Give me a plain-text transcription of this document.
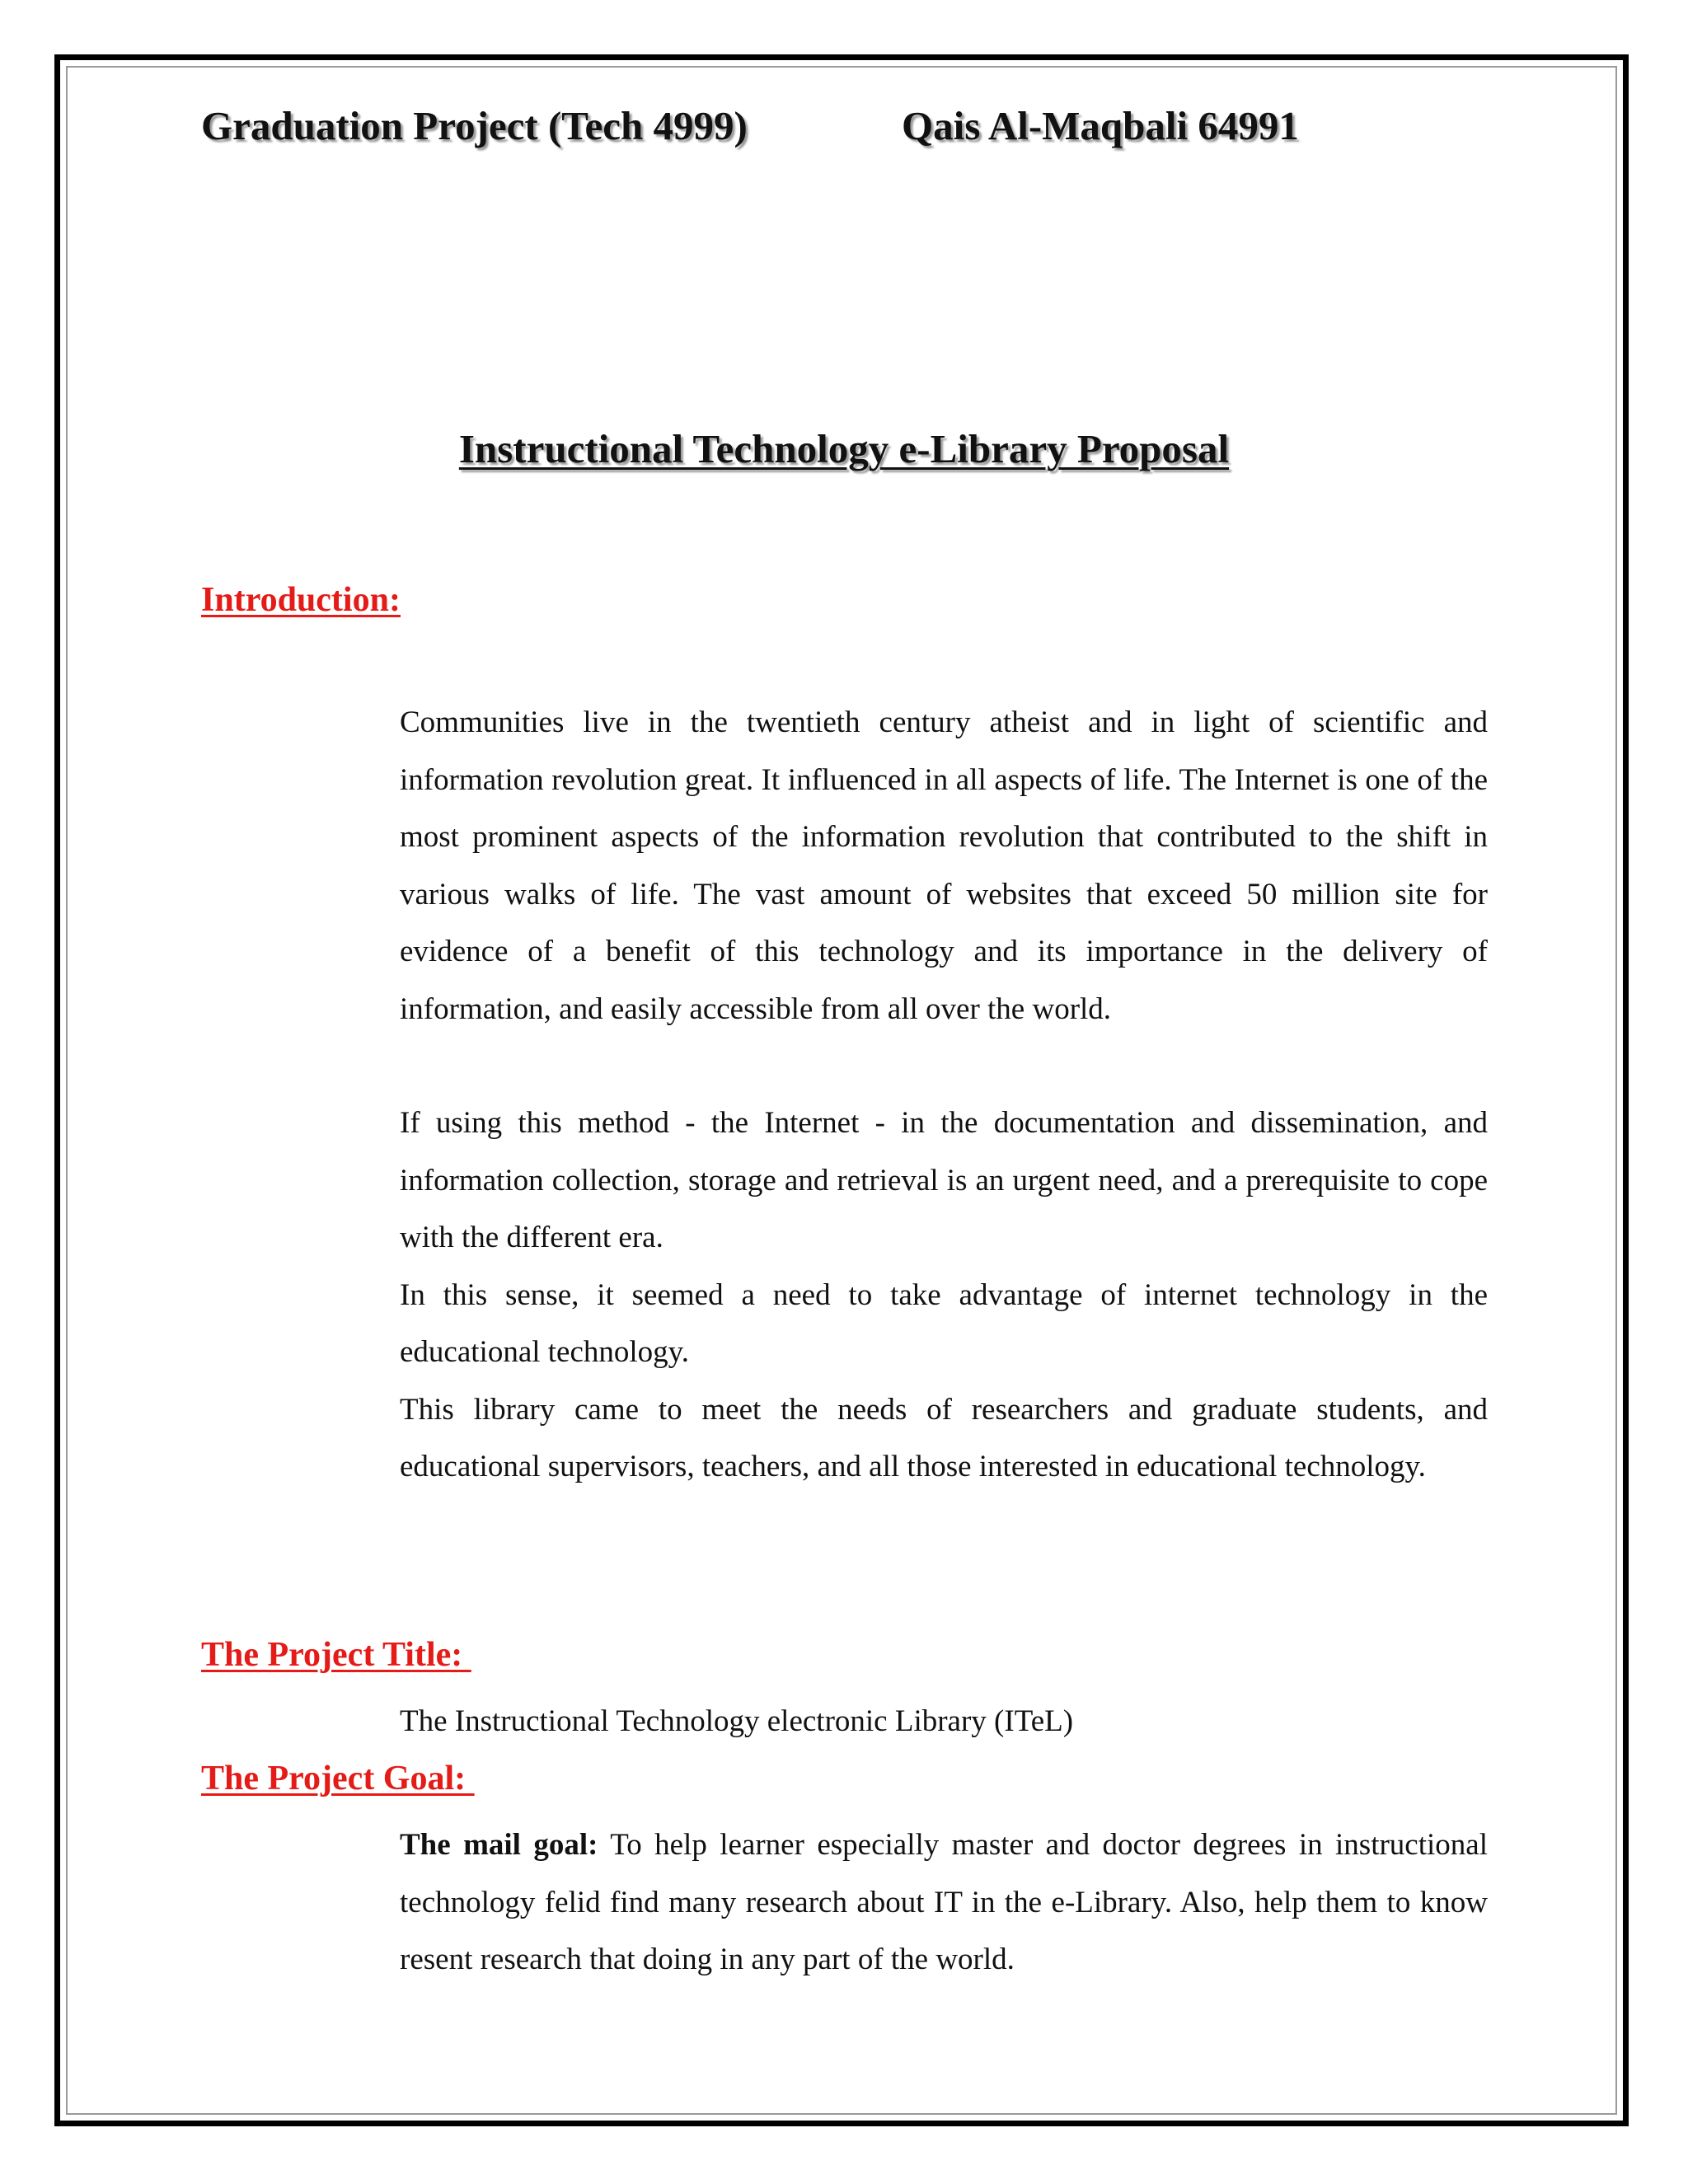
Graduation Project (Tech 4999)	Qais Al-Maqbali 64991
Instructional Technology e-Library Proposal
Introduction:

Communities live in the twentieth century atheist and in light of scientific and information revolution great. It influenced in all aspects of life. The Internet is one of the most prominent aspects of the information revolution that contributed to the shift in various walks of life. The vast amount of websites that exceed 50 million site for evidence of a benefit of this technology and its importance in the delivery of information, and easily accessible from all over the world.

If using this method - the Internet - in the documentation and dissemination, and information collection, storage and retrieval is an urgent need, and a prerequisite to cope with the different era.

In this sense, it seemed a need to take advantage of internet technology in the educational technology.

This library came to meet the needs of researchers and graduate students, and educational supervisors, teachers, and all those interested in educational technology.

The Project Title:
The Instructional Technology electronic Library (ITeL)
The Project Goal:
The mail goal: To help learner especially master and doctor degrees in instructional technology felid find many research about IT in the e-Library. Also, help them to know resent research that doing in any part of the world.
